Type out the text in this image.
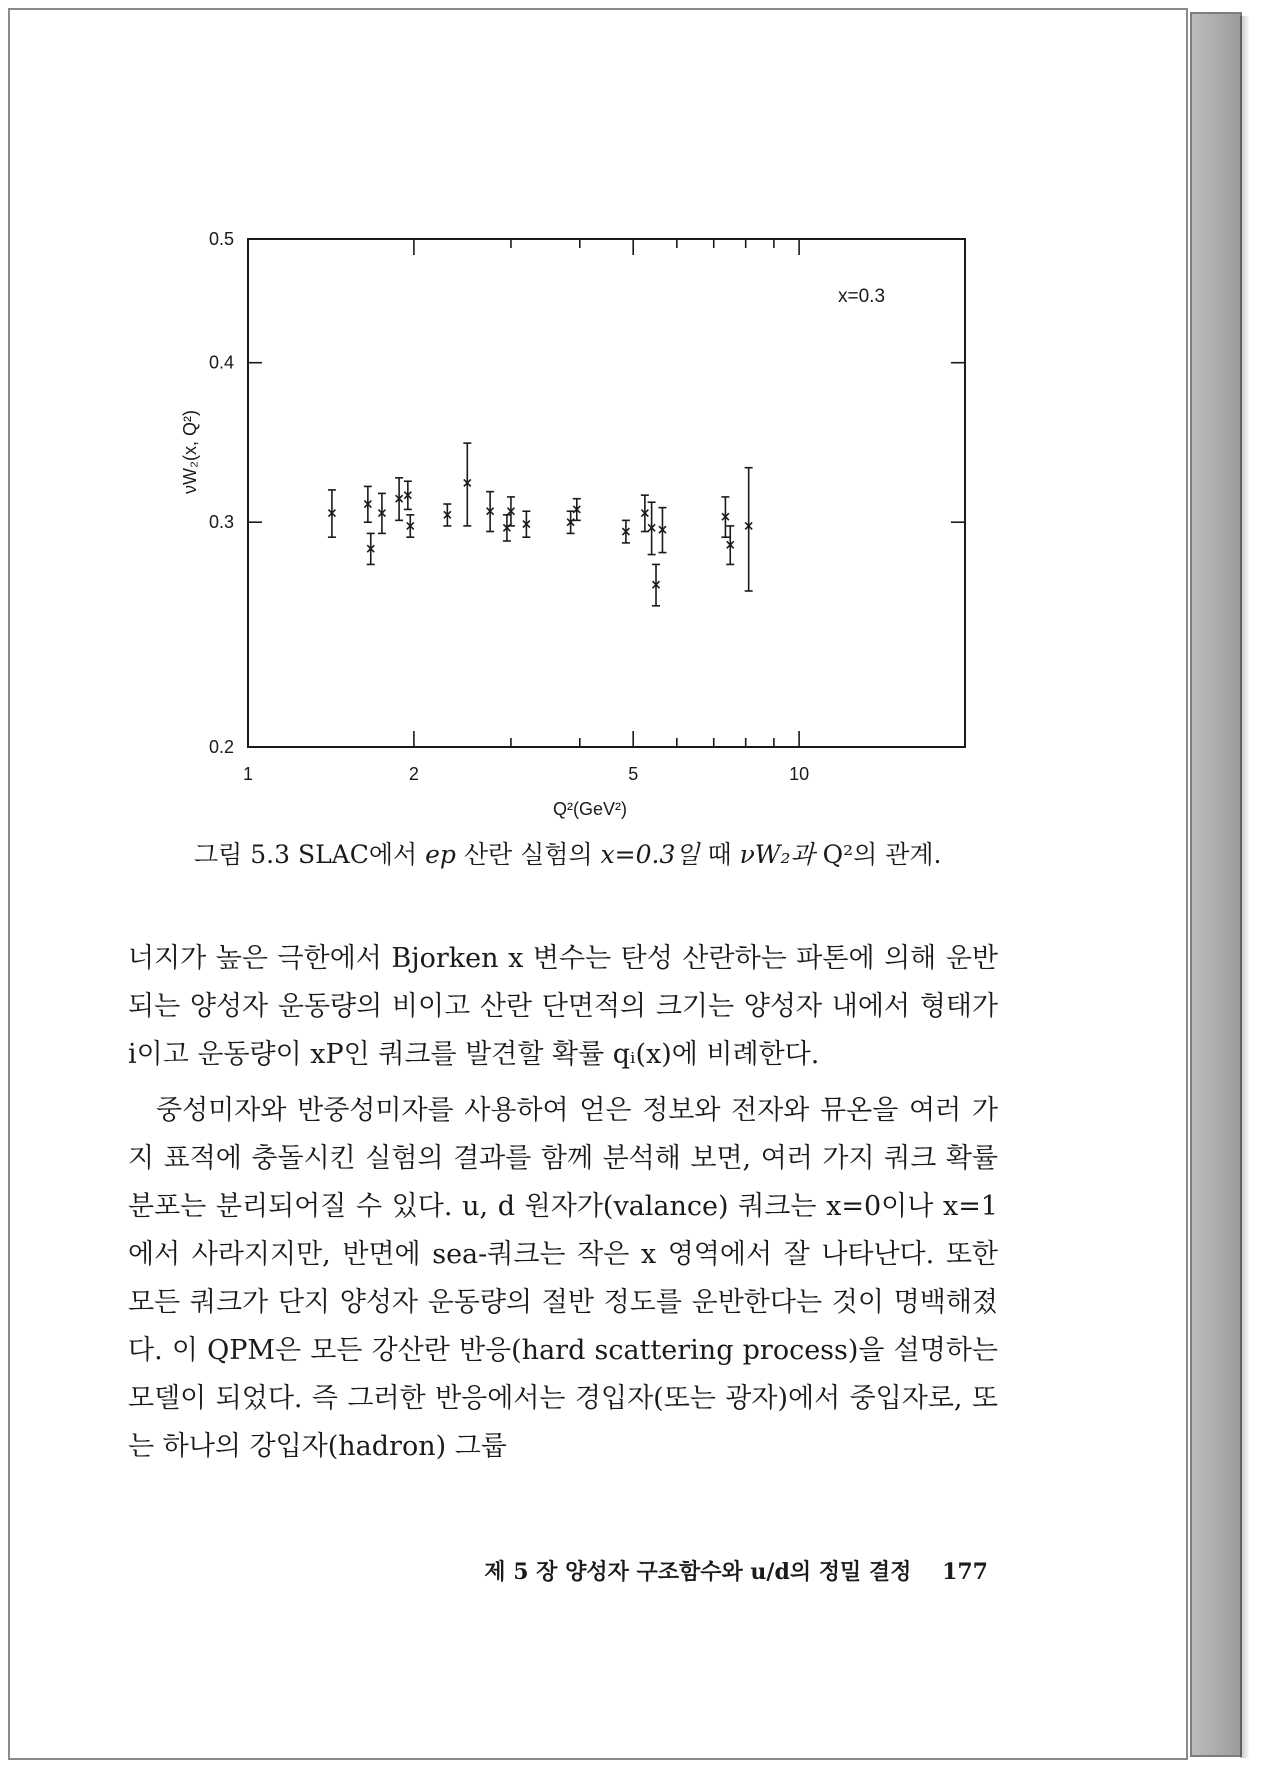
1	2	5	10
0.2
0.3
0.4
0.5
x=0.3
Q²(GeV²)
νW₂(x, Q²)
그림 5.3 SLAC에서 ep 산란 실험의 x=0.3일 때 νW₂과 Q²의 관계.

너지가 높은 극한에서 Bjorken x 변수는 탄성 산란하는 파톤에 의해 운반되는 양성자 운동량의 비이고 산란 단면적의 크기는 양성자 내에서 형태가 i이고 운동량이 xP인 쿼크를 발견할 확률 qᵢ(x)에 비례한다.

중성미자와 반중성미자를 사용하여 얻은 정보와 전자와 뮤온을 여러 가지 표적에 충돌시킨 실험의 결과를 함께 분석해 보면, 여러 가지 쿼크 확률 분포는 분리되어질 수 있다. u, d 원자가(valance) 쿼크는 x=0이나 x=1에서 사라지지만, 반면에 sea-쿼크는 작은 x 영역에서 잘 나타난다. 또한 모든 쿼크가 단지 양성자 운동량의 절반 정도를 운반한다는 것이 명백해졌다. 이 QPM은 모든 강산란 반응(hard scattering process)을 설명하는 모델이 되었다. 즉 그러한 반응에서는 경입자(또는 광자)에서 중입자로, 또는 하나의 강입자(hadron) 그룹

제 5 장 양성자 구조함수와 u/d의 정밀 결정 177
